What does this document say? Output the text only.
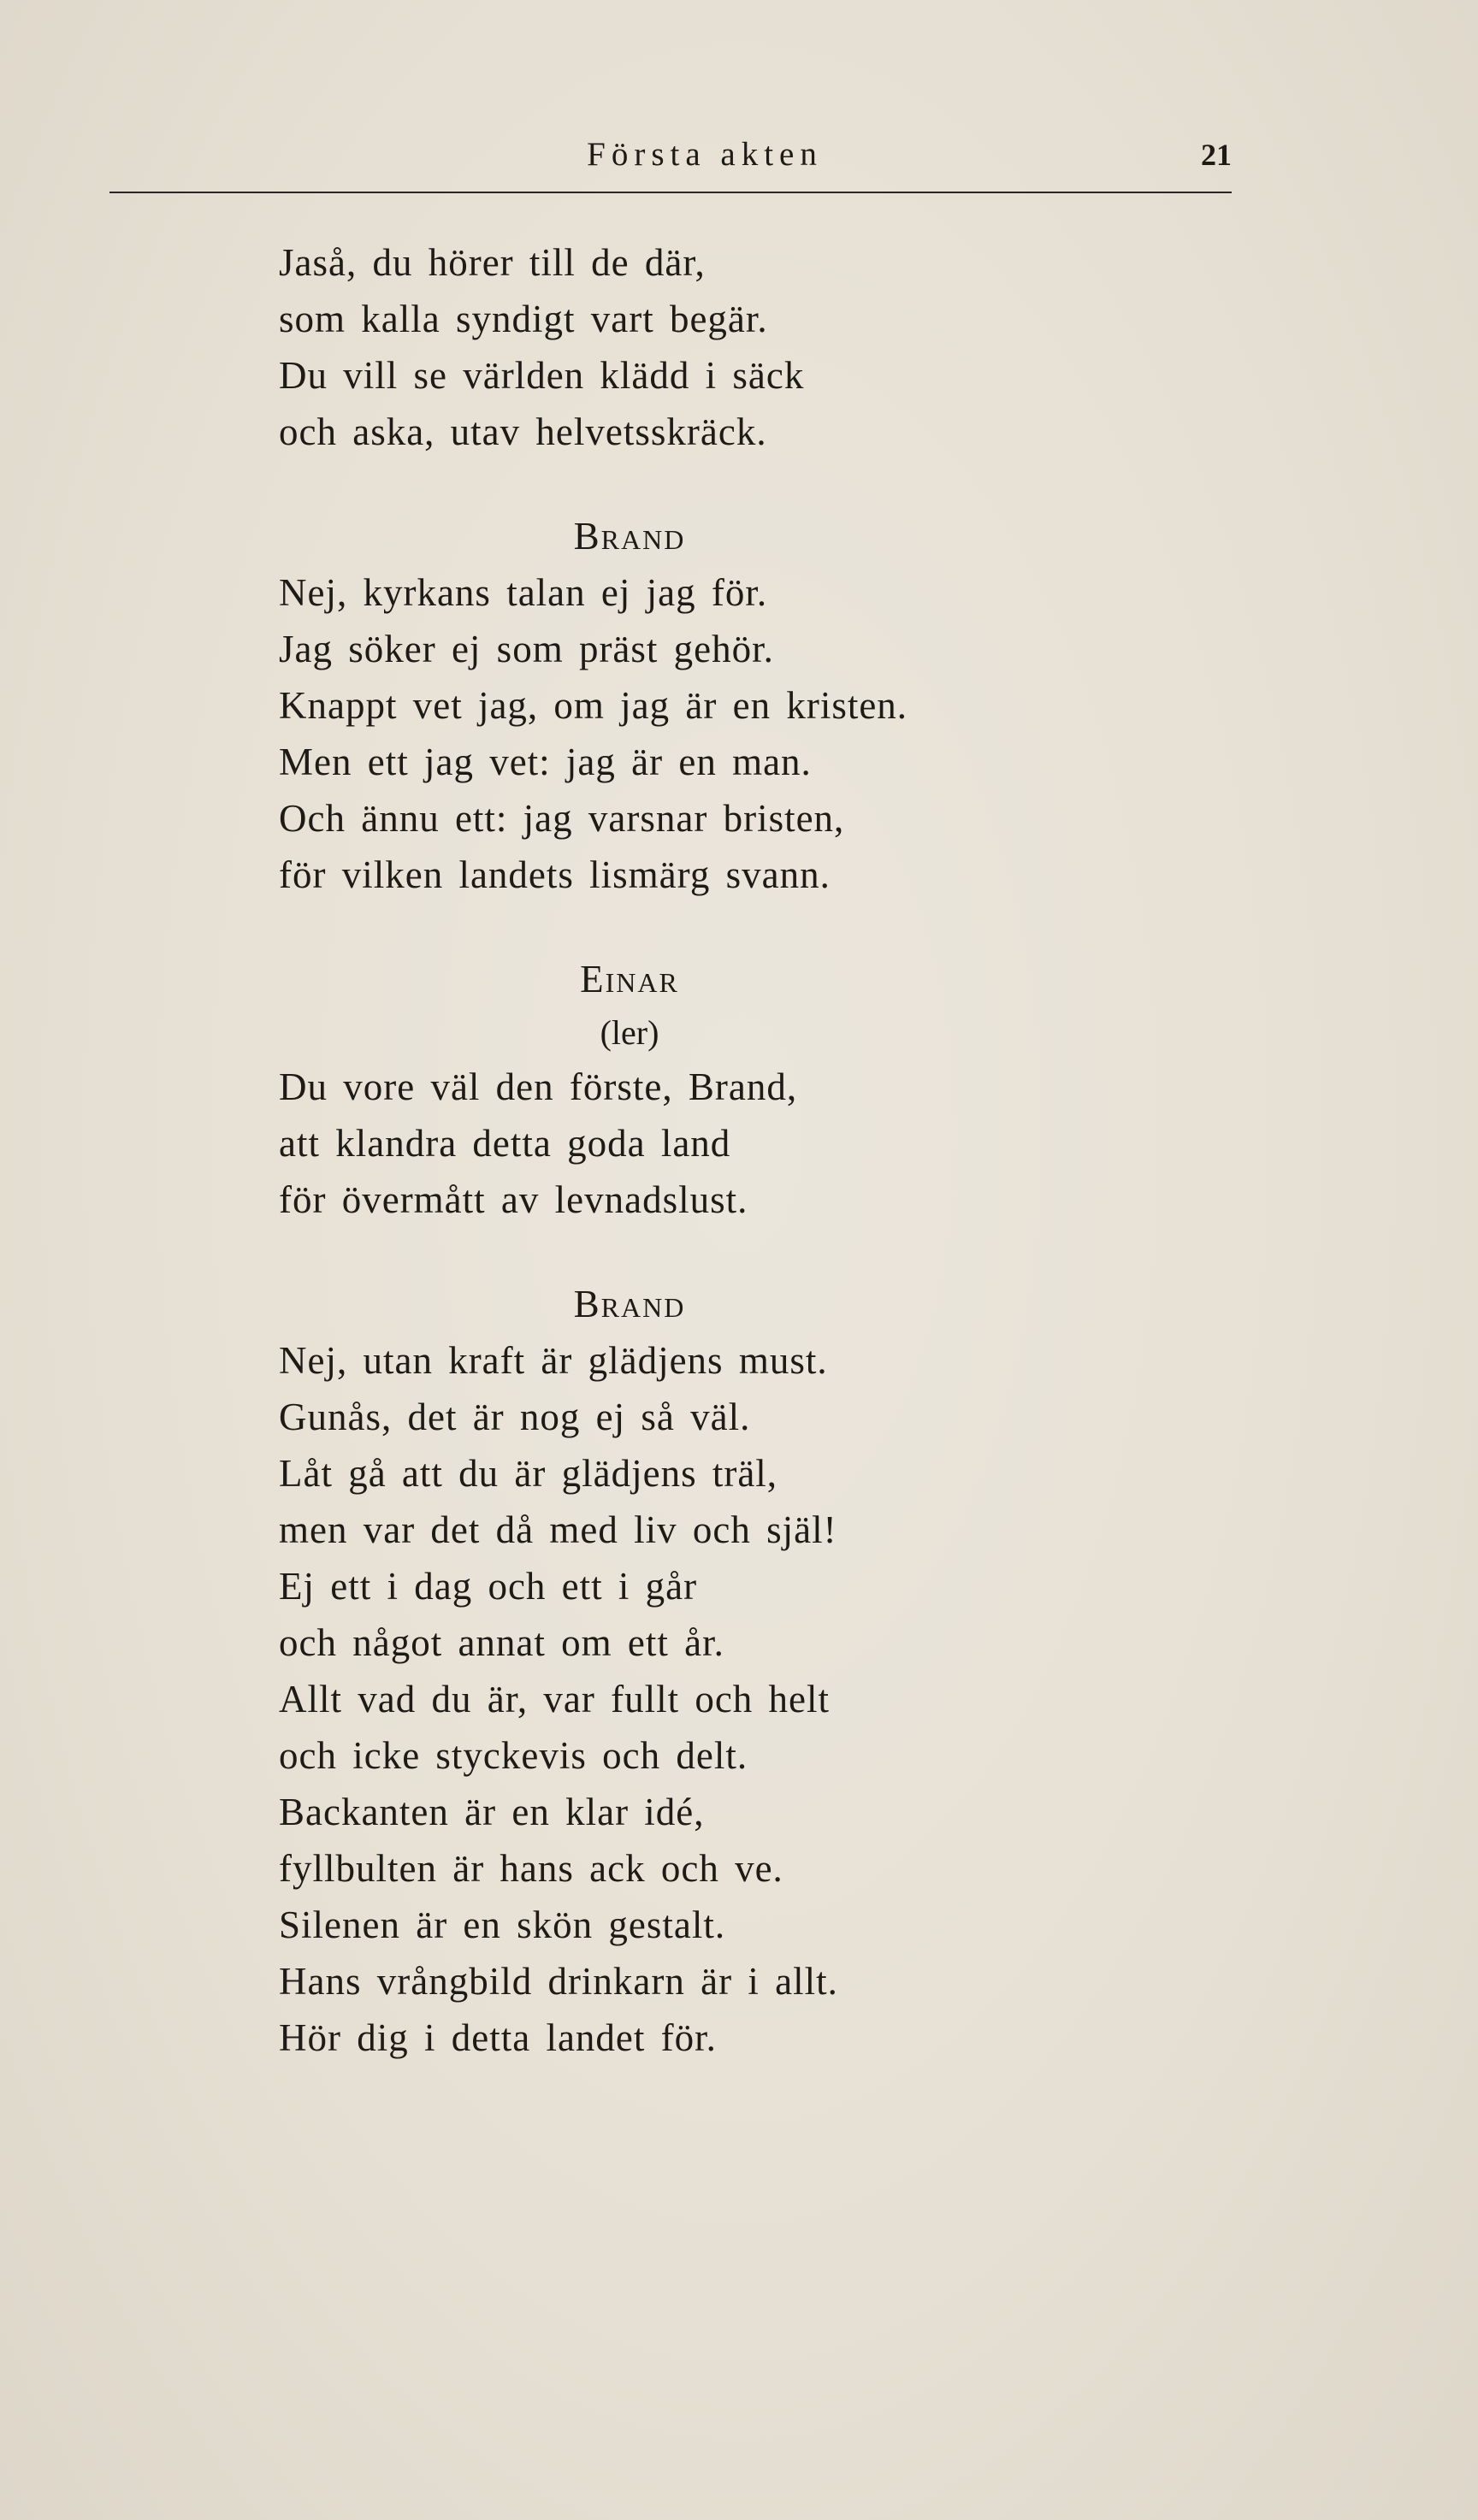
Första akten	21
Jaså, du hörer till de där,
som kalla syndigt vart begär.
Du vill se världen klädd i säck
och aska, utav helvetsskräck.
Brand
Nej, kyrkans talan ej jag för.
Jag söker ej som präst gehör.
Knappt vet jag, om jag är en kristen.
Men ett jag vet: jag är en man.
Och ännu ett: jag varsnar bristen,
för vilken landets lismärg svann.
Einar
(ler)
Du vore väl den förste, Brand,
att klandra detta goda land
för övermått av levnadslust.
Brand
Nej, utan kraft är glädjens must.
Gunås, det är nog ej så väl.
Låt gå att du är glädjens träl,
men var det då med liv och själ!
Ej ett i dag och ett i går
och något annat om ett år.
Allt vad du är, var fullt och helt
och icke styckevis och delt.
Backanten är en klar idé,
fyllbulten är hans ack och ve.
Silenen är en skön gestalt.
Hans vrångbild drinkarn är i allt.
Hör dig i detta landet för.
